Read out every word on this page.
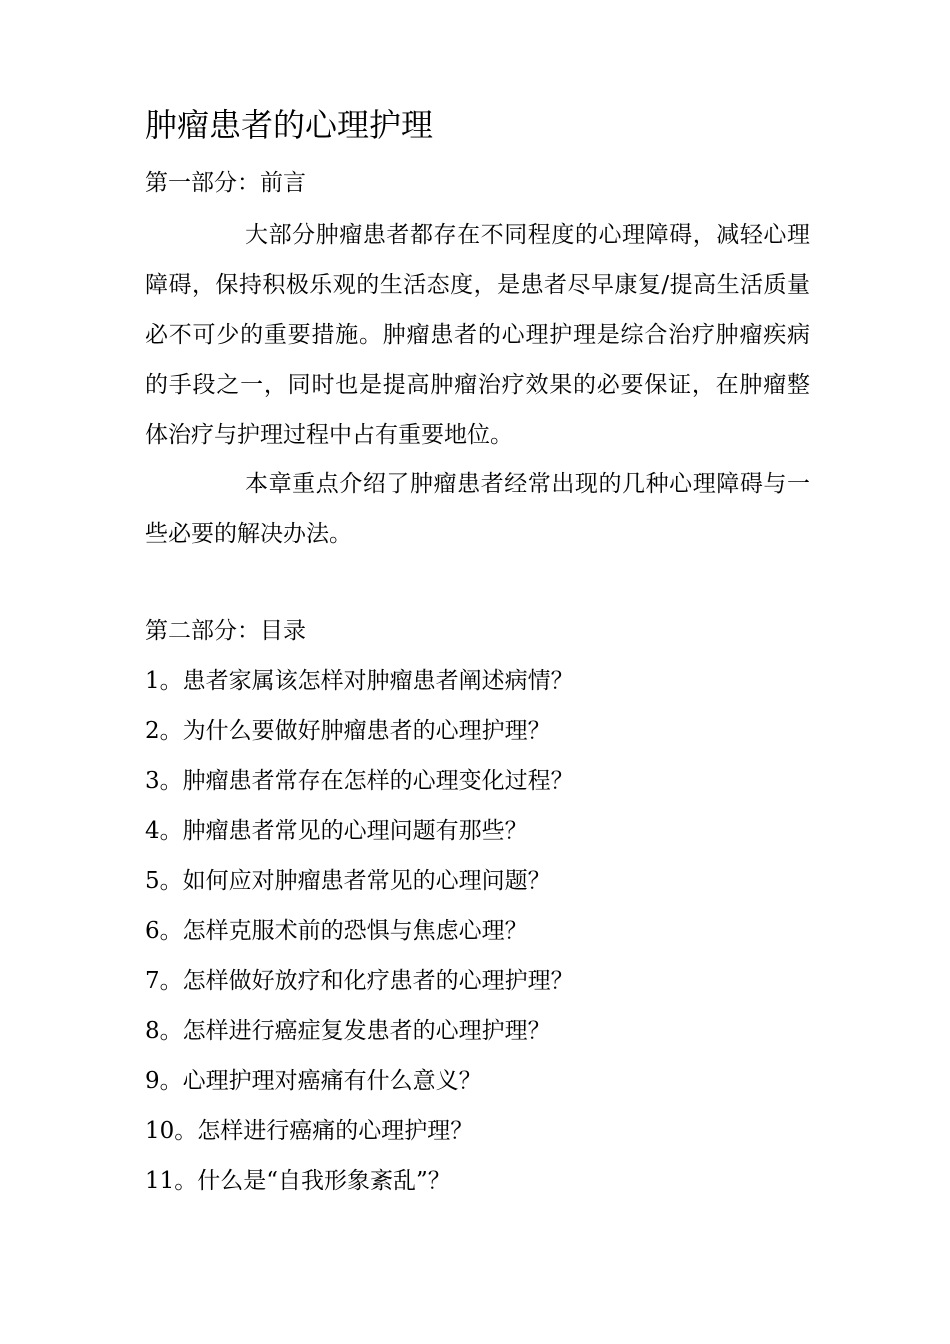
肿瘤患者的心理护理
第一部分：前言

大部分肿瘤患者都存在不同程度的心理障碍，减轻心理障碍，保持积极乐观的生活态度，是患者尽早康复/提高生活质量必不可少的重要措施。肿瘤患者的心理护理是综合治疗肿瘤疾病的手段之一，同时也是提高肿瘤治疗效果的必要保证，在肿瘤整体治疗与护理过程中占有重要地位。

本章重点介绍了肿瘤患者经常出现的几种心理障碍与一些必要的解决办法。

第二部分：目录
1。患者家属该怎样对肿瘤患者阐述病情？
2。为什么要做好肿瘤患者的心理护理？
3。肿瘤患者常存在怎样的心理变化过程？
4。肿瘤患者常见的心理问题有那些？
5。如何应对肿瘤患者常见的心理问题？
6。怎样克服术前的恐惧与焦虑心理？
7。怎样做好放疗和化疗患者的心理护理？
8。怎样进行癌症复发患者的心理护理？
9。心理护理对癌痛有什么意义？
10。怎样进行癌痛的心理护理？
11。什么是“自我形象紊乱”？
